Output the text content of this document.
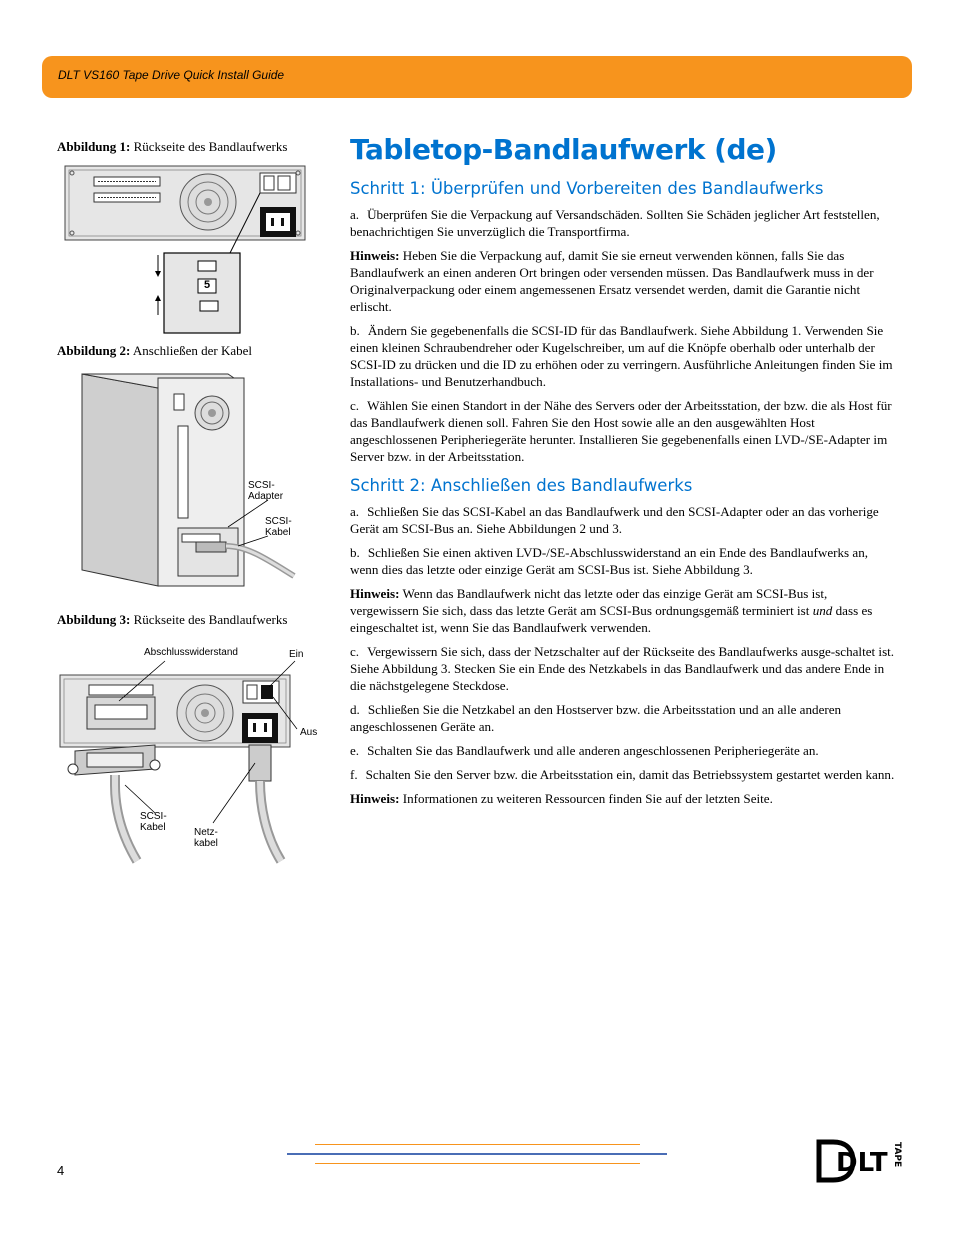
DLT VS160 Tape Drive Quick Install Guide
Abbildung 1: Rückseite des Bandlaufwerks
5
Abbildung 2: Anschließen der Kabel
SCSI-
Adapter
SCSI-
Kabel
Abbildung 3: Rückseite des Bandlaufwerks
Abschlusswiderstand	Ein
Aus
SCSI-
Kabel	Netz-
kabel
Tabletop-Bandlaufwerk (de)
Schritt 1: Überprüfen und Vorbereiten des Bandlaufwerks

a. Überprüfen Sie die Verpackung auf Versandschäden. Sollten Sie Schäden jeglicher Art feststellen, benachrichtigen Sie unverzüglich die Transportfirma.

Hinweis: Heben Sie die Verpackung auf, damit Sie sie erneut verwenden können, falls Sie das Bandlaufwerk an einen anderen Ort bringen oder versenden müssen. Das Bandlaufwerk muss in der Originalverpackung oder einem angemessenen Ersatz versendet werden, damit die Garantie nicht erlischt.

b. Ändern Sie gegebenenfalls die SCSI-ID für das Bandlaufwerk. Siehe Abbildung 1. Verwenden Sie einen kleinen Schraubendreher oder Kugelschreiber, um auf die Knöpfe oberhalb oder unterhalb der SCSI-ID zu drücken und die ID zu erhöhen oder zu verringern. Ausführliche Anleitungen finden Sie im Installations- und Benutzerhandbuch.

c. Wählen Sie einen Standort in der Nähe des Servers oder der Arbeitsstation, der bzw. die als Host für das Bandlaufwerk dienen soll. Fahren Sie den Host sowie alle an den ausgewählten Host angeschlossenen Peripheriegeräte herunter. Installieren Sie gegebenenfalls einen LVD-/SE-Adapter im Server bzw. in der Arbeitsstation.

Schritt 2: Anschließen des Bandlaufwerks

a. Schließen Sie das SCSI-Kabel an das Bandlaufwerk und den SCSI-Adapter oder an das vorherige Gerät am SCSI-Bus an. Siehe Abbildungen 2 und 3.

b. Schließen Sie einen aktiven LVD-/SE-Abschlusswiderstand an ein Ende des Bandlaufwerks an, wenn dies das letzte oder einzige Gerät am SCSI-Bus ist. Siehe Abbildung 3.

Hinweis: Wenn das Bandlaufwerk nicht das letzte oder das einzige Gerät am SCSI-Bus ist, vergewissern Sie sich, dass das letzte Gerät am SCSI-Bus ordnungsgemäß terminiert ist und dass es eingeschaltet ist, wenn Sie das Bandlaufwerk verwenden.

c. Vergewissern Sie sich, dass der Netzschalter auf der Rückseite des Bandlaufwerks ausge-schaltet ist. Siehe Abbildung 3. Stecken Sie ein Ende des Netzkabels in das Bandlaufwerk und das andere Ende in die nächstgelegene Steckdose.

d. Schließen Sie die Netzkabel an den Hostserver bzw. die Arbeitsstation und an alle anderen angeschlossenen Geräte an.

e. Schalten Sie das Bandlaufwerk und alle anderen angeschlossenen Peripheriegeräte an.

f. Schalten Sie den Server bzw. die Arbeitsstation ein, damit das Betriebssystem gestartet werden kann.

Hinweis: Informationen zu weiteren Ressourcen finden Sie auf der letzten Seite.

4	DLT TAPE
